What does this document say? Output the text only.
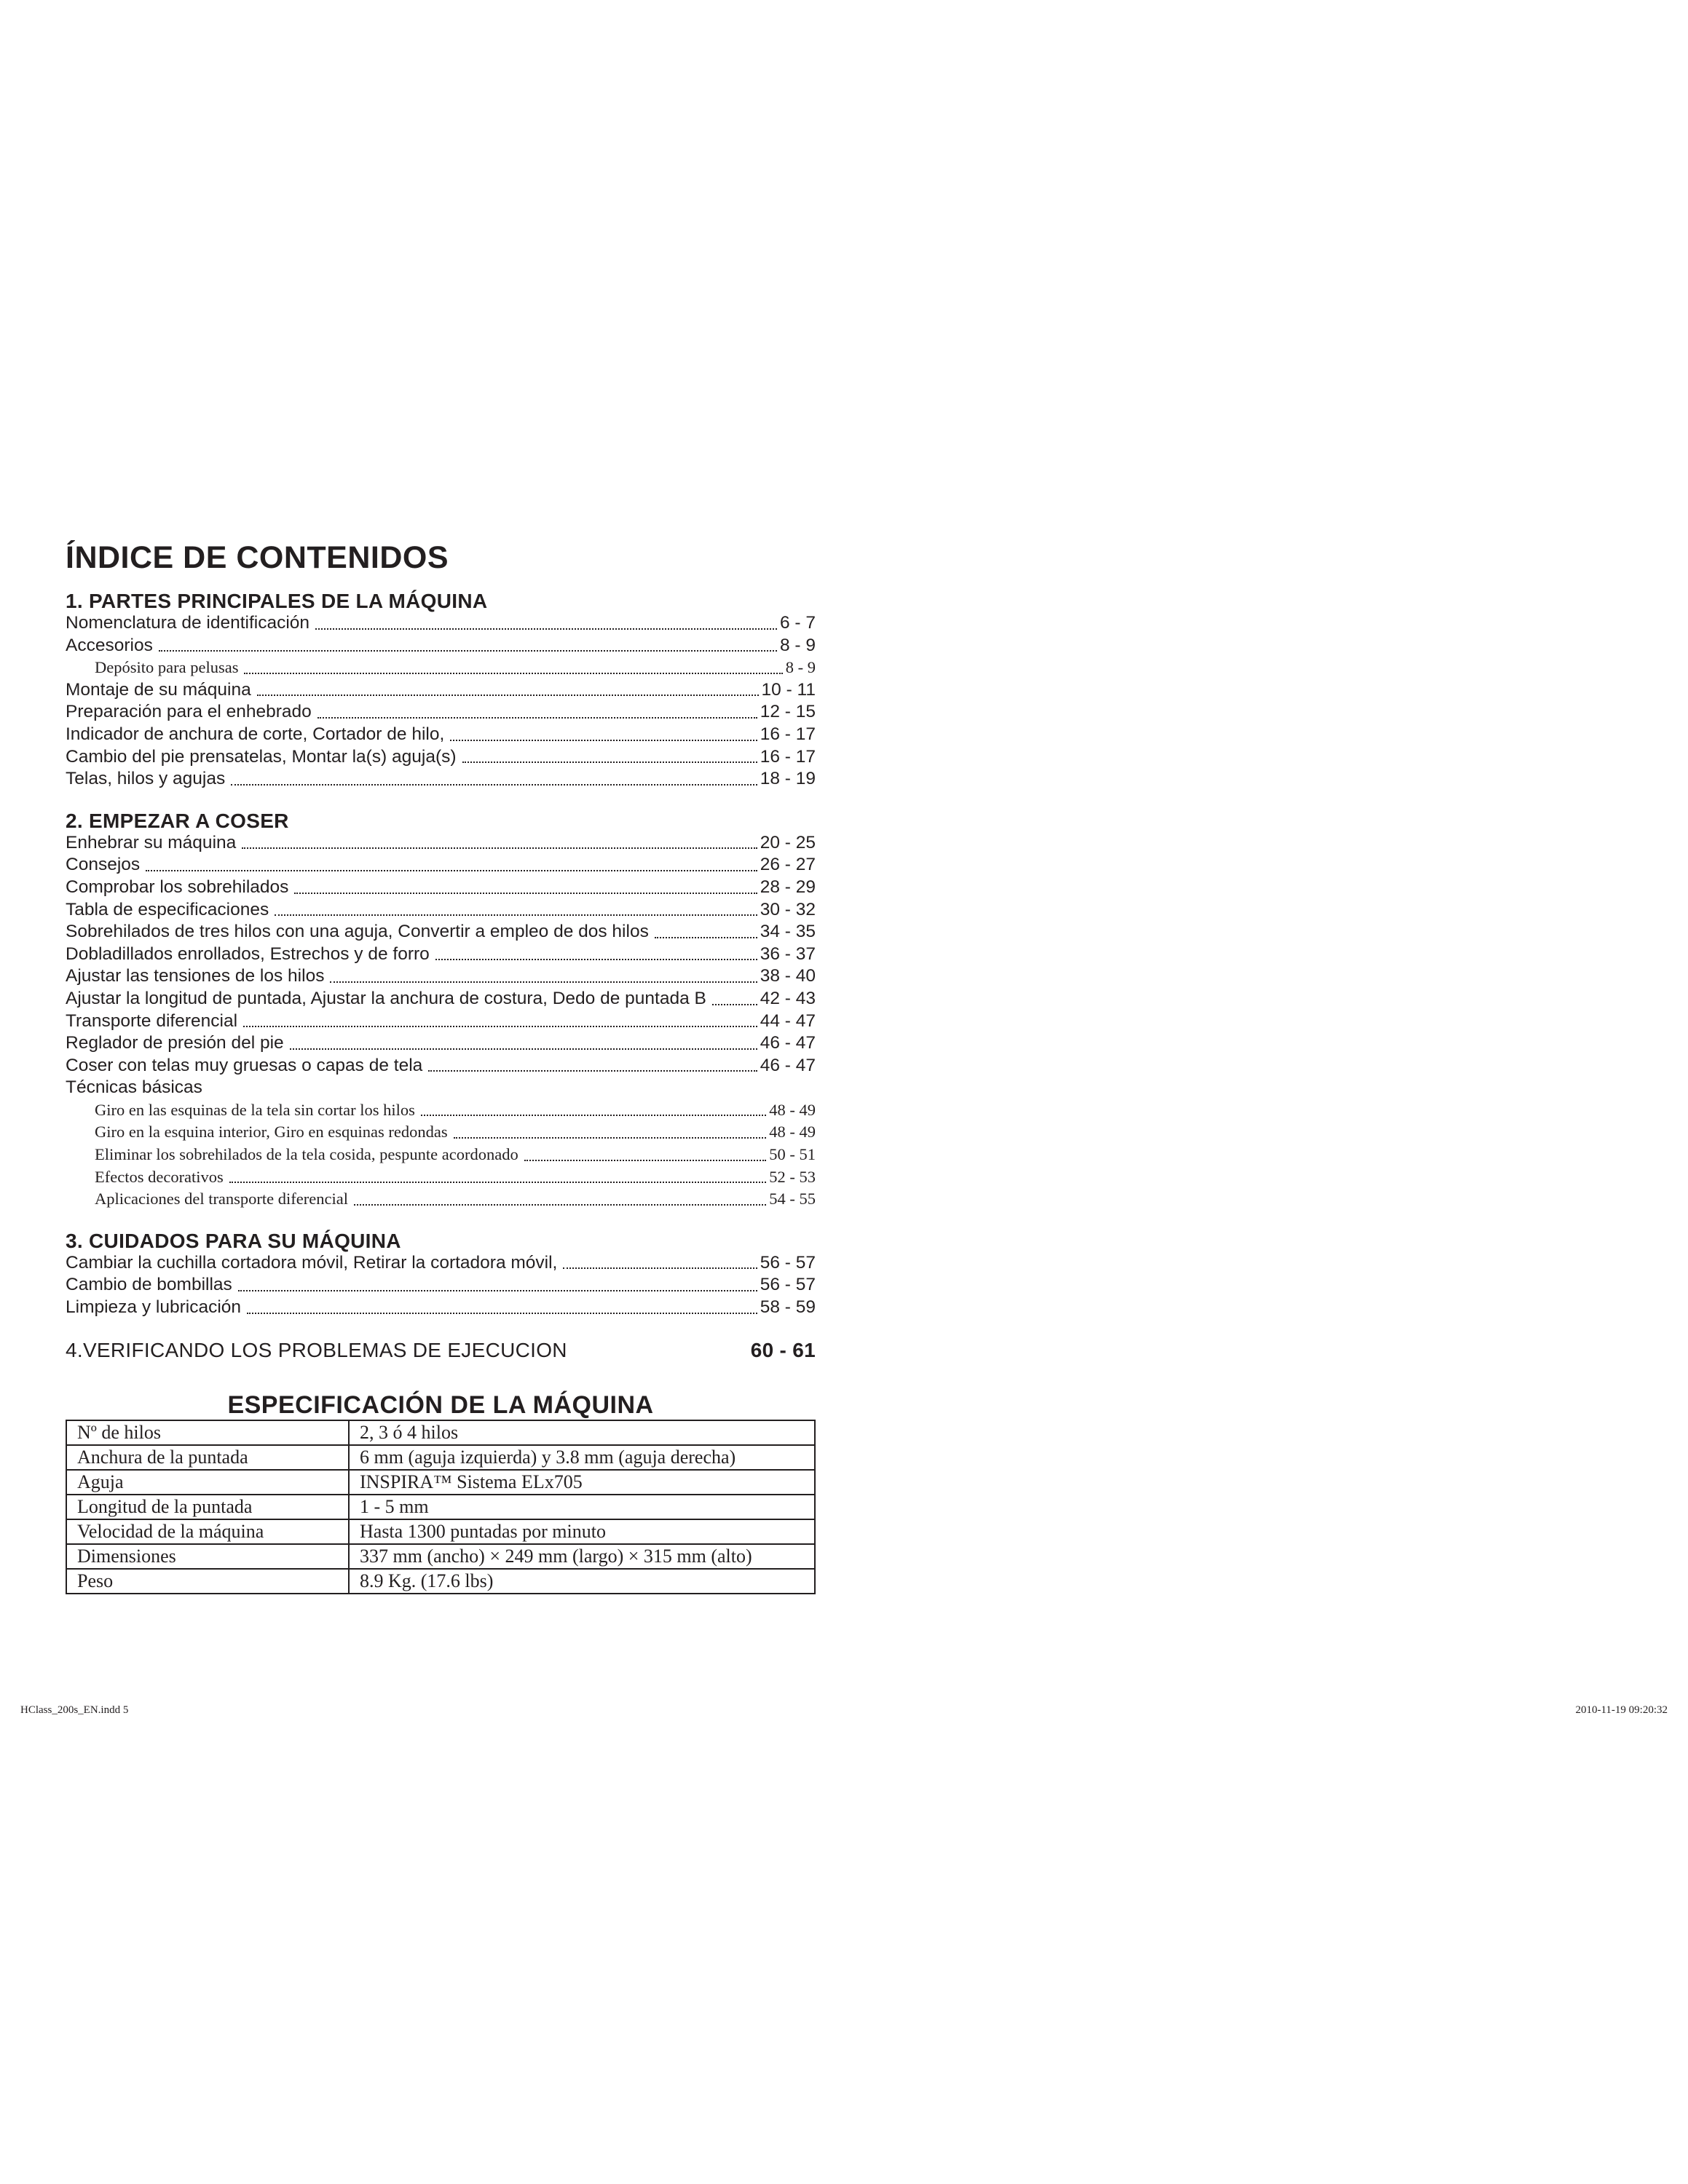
ÍNDICE DE CONTENIDOS
1. PARTES PRINCIPALES DE LA MÁQUINA
Nomenclatura de identificación	6 - 7
Accesorios	8 - 9
Depósito para pelusas	8 - 9
Montaje de su máquina	10 - 11
Preparación para el enhebrado	12 - 15
Indicador de anchura de corte, Cortador de hilo,	16 - 17
Cambio del pie prensatelas, Montar la(s) aguja(s)	16 - 17
Telas, hilos y agujas	18 - 19
2. EMPEZAR A COSER
Enhebrar su máquina	20 - 25
Consejos	26 - 27
Comprobar los sobrehilados	28 - 29
Tabla de especificaciones	30 - 32
Sobrehilados de tres hilos con una aguja, Convertir a empleo de dos hilos	34 - 35
Dobladillados enrollados, Estrechos y de forro	36 - 37
Ajustar las tensiones de los hilos	38 - 40
Ajustar la longitud de puntada, Ajustar la anchura de costura, Dedo de puntada B	42 - 43
Transporte diferencial	44 - 47
Reglador de presión del pie	46 - 47
Coser con telas muy gruesas o capas de tela	46 - 47
Técnicas básicas
Giro en las esquinas de la tela sin cortar los hilos	48 - 49
Giro en la esquina interior, Giro en esquinas redondas	48 - 49
Eliminar los sobrehilados de la tela cosida, pespunte acordonado	50 - 51
Efectos decorativos	52 - 53
Aplicaciones del transporte diferencial	54 - 55
3. CUIDADOS PARA SU MÁQUINA
Cambiar la cuchilla cortadora móvil, Retirar la cortadora móvil,	56 - 57
Cambio de bombillas	56 - 57
Limpieza y lubricación	58 - 59
4.VERIFICANDO LOS PROBLEMAS DE EJECUCION	60 - 61
ESPECIFICACIÓN DE LA MÁQUINA
Nº de hilos	2, 3 ó 4 hilos
Anchura de la puntada	6 mm (aguja izquierda) y 3.8 mm (aguja derecha)
Aguja	INSPIRA™ Sistema ELx705
Longitud de la puntada	1 - 5 mm
Velocidad de la máquina	Hasta 1300 puntadas por minuto
Dimensiones	337 mm (ancho) × 249 mm (largo) × 315 mm (alto)
Peso	8.9 Kg. (17.6 lbs)
HClass_200s_EN.indd 5	2010-11-19 09:20:32
